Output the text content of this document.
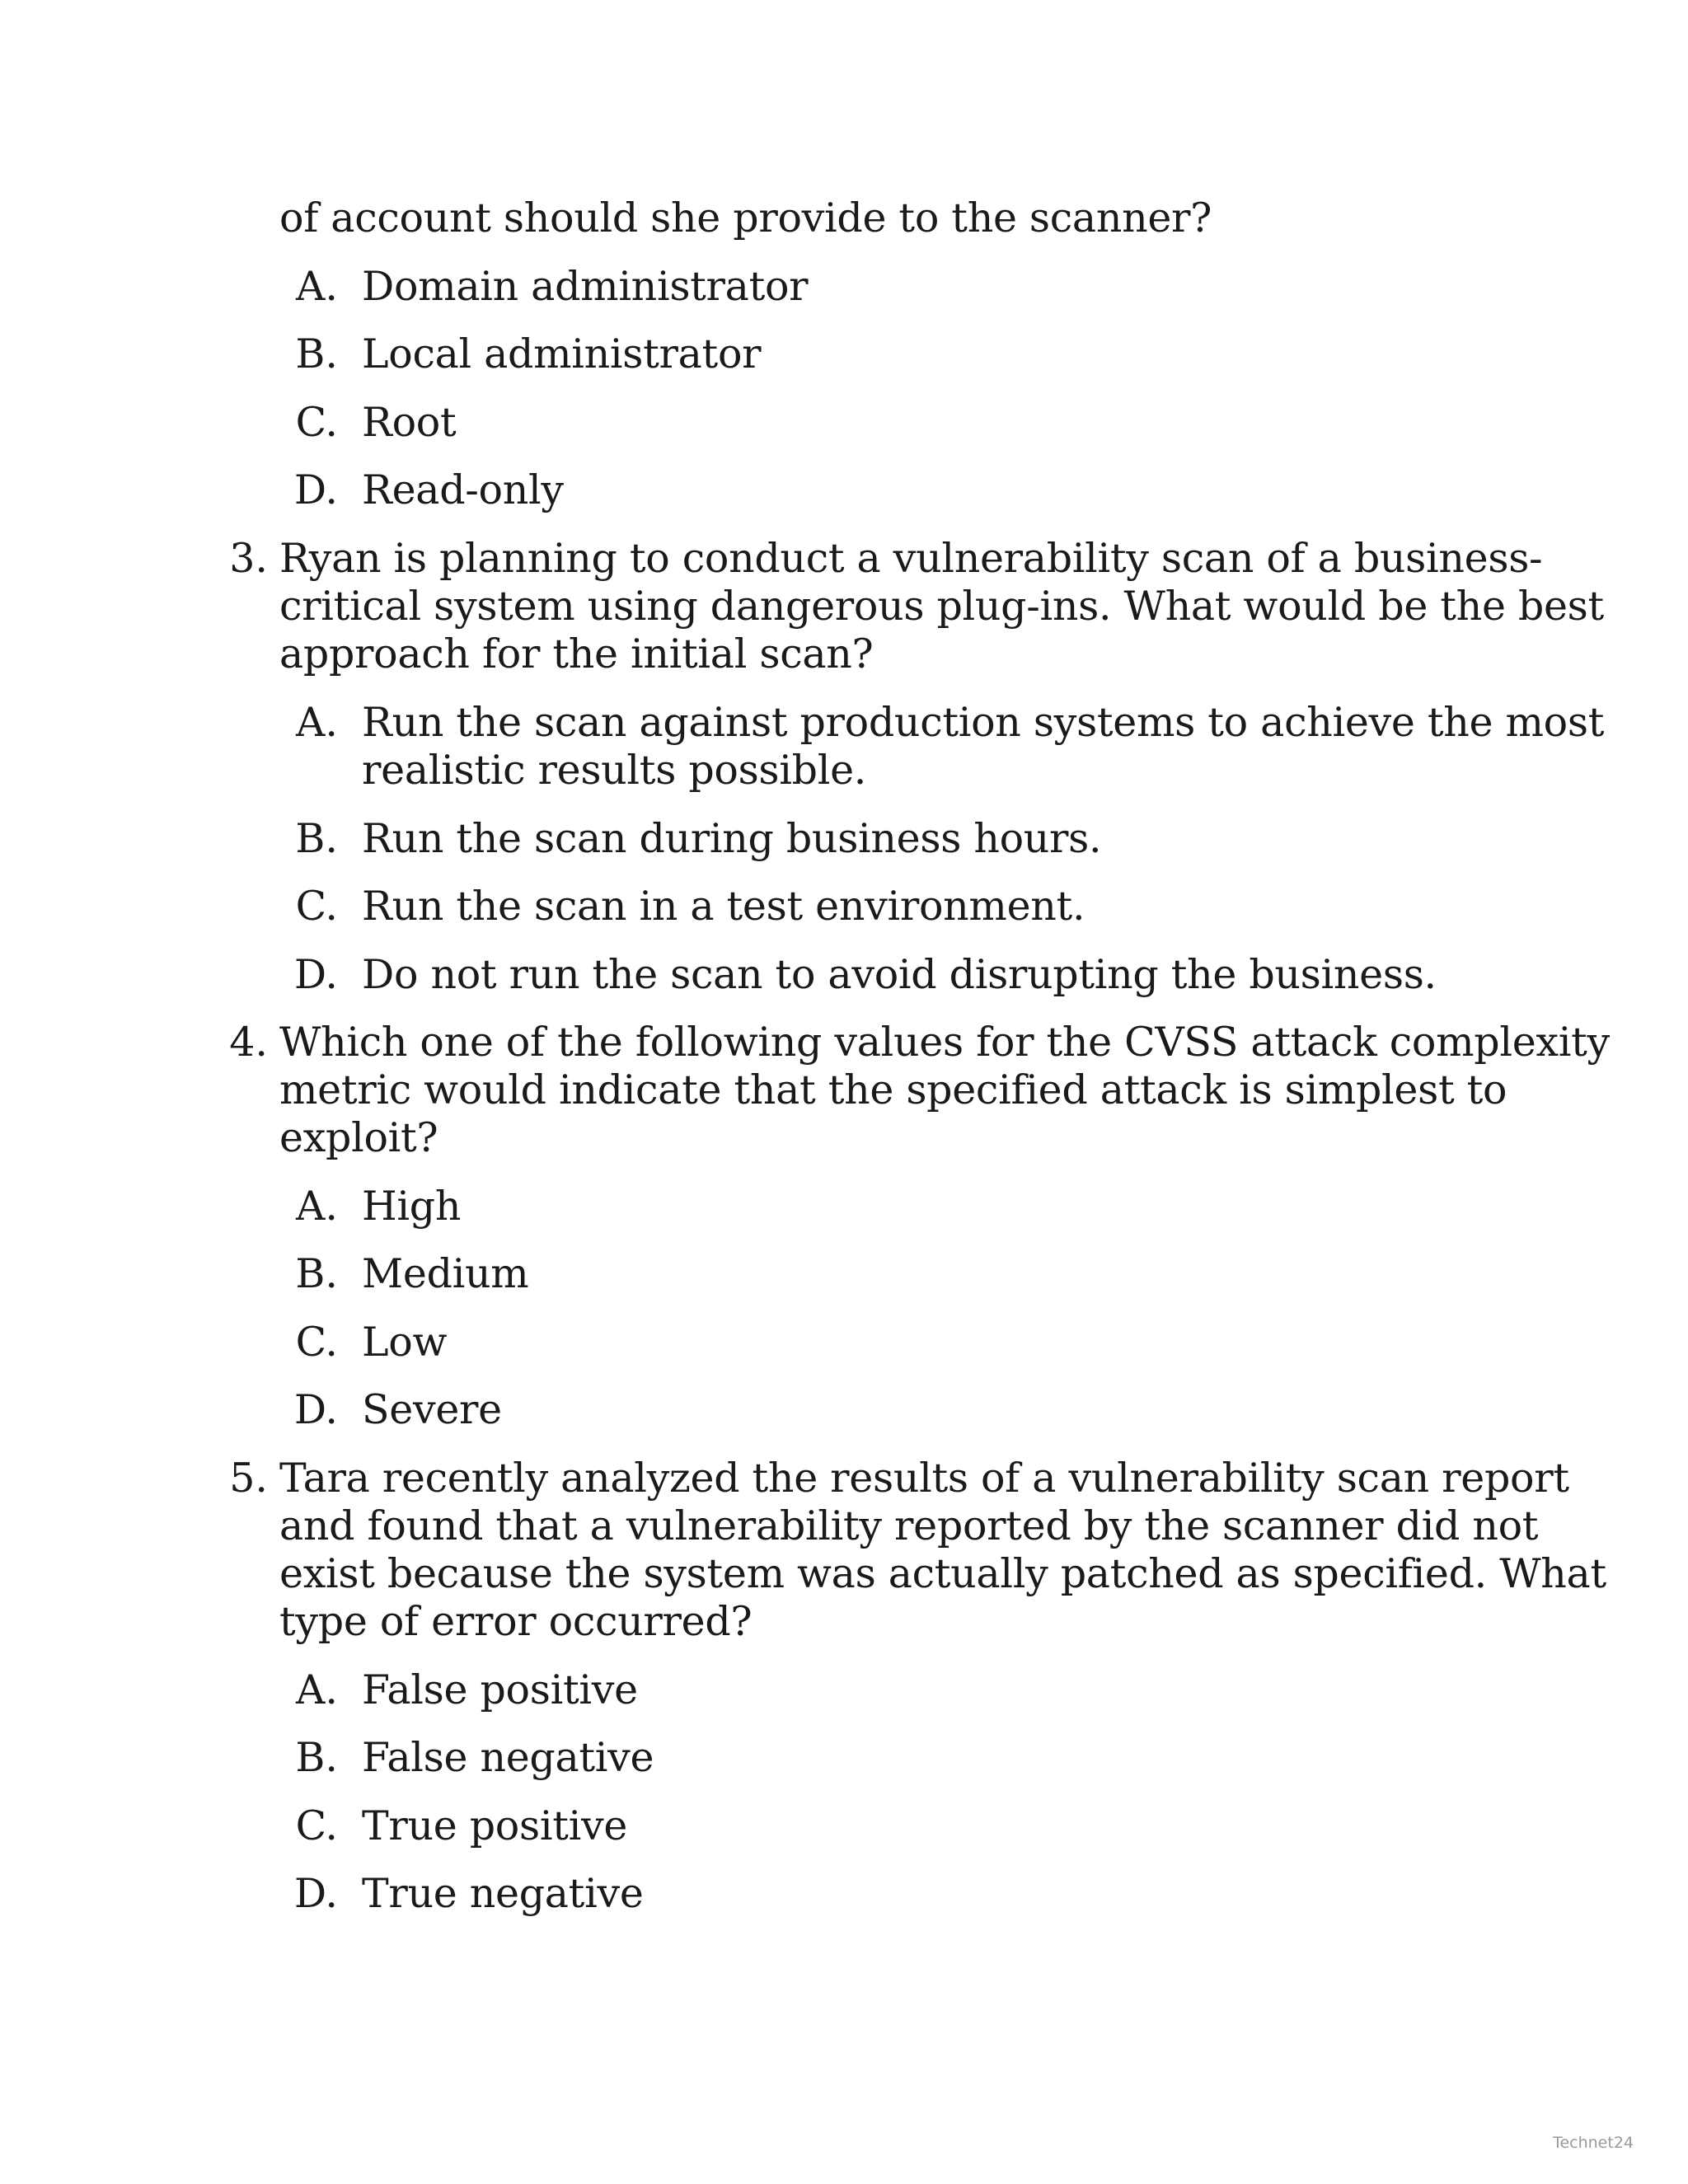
of account should she provide to the scanner?
A. Domain administrator
B. Local administrator
C. Root
D. Read-only
3. Ryan is planning to conduct a vulnerability scan of a business-
critical system using dangerous plug-ins. What would be the best
approach for the initial scan?
A. Run the scan against production systems to achieve the most
realistic results possible.
B. Run the scan during business hours.
C. Run the scan in a test environment.
D. Do not run the scan to avoid disrupting the business.
4. Which one of the following values for the CVSS attack complexity
metric would indicate that the specified attack is simplest to
exploit?
A. High
B. Medium
C. Low
D. Severe
5. Tara recently analyzed the results of a vulnerability scan report
and found that a vulnerability reported by the scanner did not
exist because the system was actually patched as specified. What
type of error occurred?
A. False positive
B. False negative
C. True positive
D. True negative
Technet24
